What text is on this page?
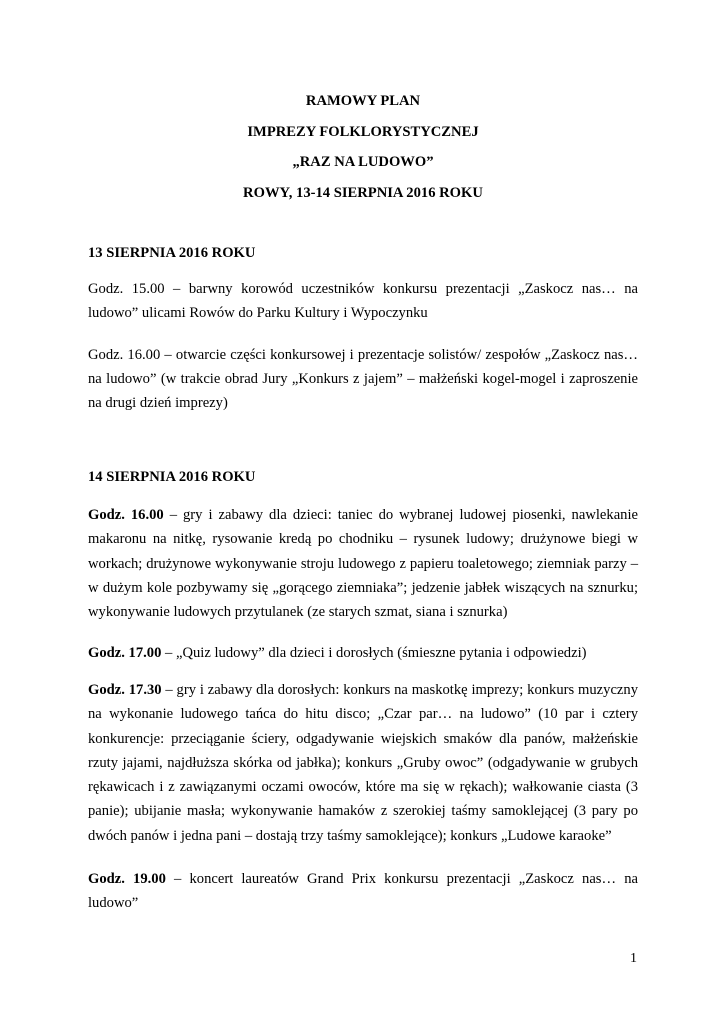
RAMOWY PLAN
IMPREZY FOLKLORYSTYCZNEJ
„RAZ NA LUDOWO”
ROWY, 13-14 SIERPNIA 2016 ROKU
13 SIERPNIA 2016 ROKU
Godz. 15.00 – barwny korowód uczestników konkursu prezentacji „Zaskocz nas… na ludowo” ulicami Rowów do Parku Kultury i Wypoczynku
Godz. 16.00 – otwarcie części konkursowej i prezentacje solistów/ zespołów „Zaskocz nas… na ludowo” (w trakcie obrad Jury „Konkurs z jajem” – małżeński kogel-mogel i zaproszenie na drugi dzień imprezy)
14 SIERPNIA 2016 ROKU
Godz. 16.00 – gry i zabawy dla dzieci: taniec do wybranej ludowej piosenki, nawlekanie makaronu na nitkę, rysowanie kredą po chodniku – rysunek ludowy; drużynowe biegi w workach; drużynowe wykonywanie stroju ludowego z papieru toaletowego; ziemniak parzy – w dużym kole pozbywamy się „gorącego ziemniaka”; jedzenie jabłek wiszących na sznurku; wykonywanie ludowych przytulanek (ze starych szmat, siana i sznurka)
Godz. 17.00 – „Quiz ludowy” dla dzieci i dorosłych (śmieszne pytania i odpowiedzi)
Godz. 17.30 – gry i zabawy dla dorosłych: konkurs na maskotkę imprezy; konkurs muzyczny na wykonanie ludowego tańca do hitu disco; „Czar par… na ludowo” (10 par i cztery konkurencje: przeciąganie ściery, odgadywanie wiejskich smaków dla panów, małżeńskie rzuty jajami, najdłuższa skórka od jabłka); konkurs „Gruby owoc” (odgadywanie w grubych rękawicach i z zawiązanymi oczami owoców, które ma się w rękach); wałkowanie ciasta (3 panie); ubijanie masła; wykonywanie hamaków z szerokiej taśmy samoklejącej (3 pary po dwóch panów i jedna pani – dostają trzy taśmy samoklejące); konkurs „Ludowe karaoke”
Godz. 19.00 – koncert laureatów Grand Prix konkursu prezentacji „Zaskocz nas… na ludowo”
1
